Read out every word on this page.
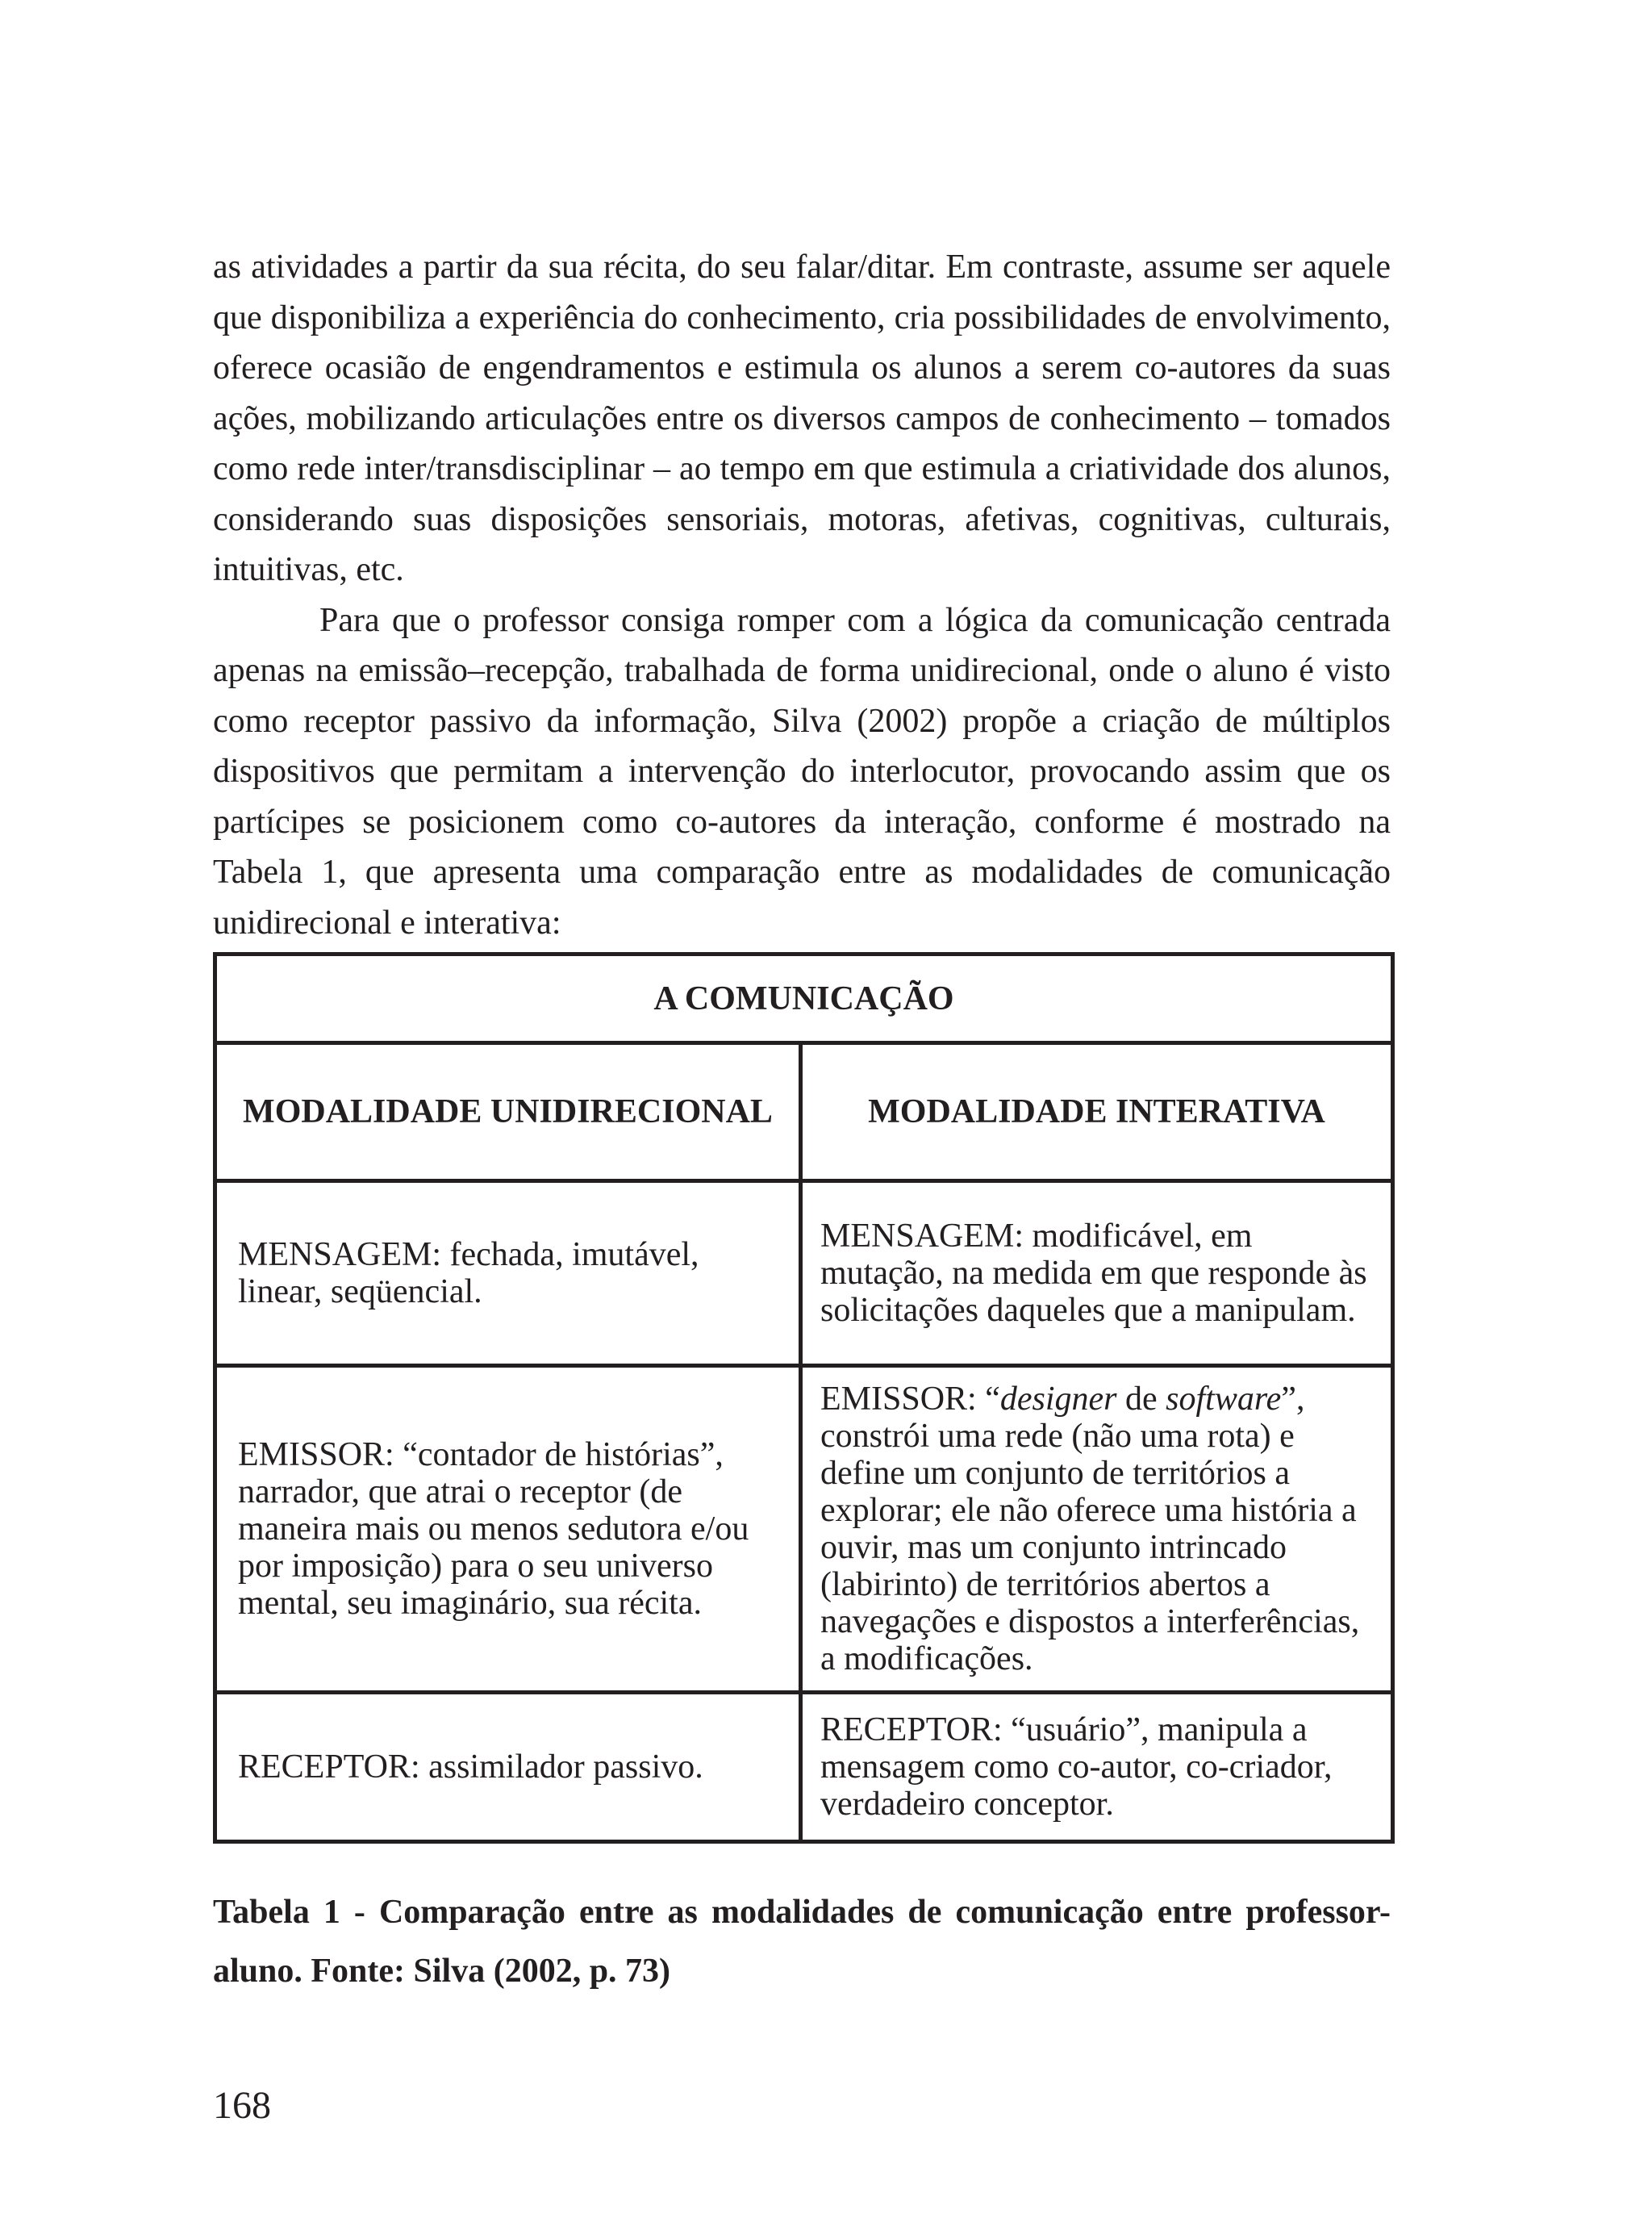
as atividades a partir da sua récita, do seu falar/ditar. Em contraste, assume ser aquele que disponibiliza a experiência do conhecimento, cria possibilidades de envolvimento, oferece ocasião de engendramentos e estimula os alunos a serem co-autores da suas ações, mobilizando articulações entre os diversos campos de conhecimento – tomados como rede inter/transdisciplinar – ao tempo em que estimula a criatividade dos alunos, considerando suas disposições sensoriais, motoras, afetivas, cognitivas, culturais, intuitivas, etc.

Para que o professor consiga romper com a lógica da comunicação centrada apenas na emissão–recepção, trabalhada de forma unidirecional, onde o aluno é visto como receptor passivo da informação, Silva (2002) propõe a criação de múltiplos dispositivos que permitam a intervenção do interlocutor, provocando assim que os partícipes se posicionem como co-autores da interação, conforme é mostrado na Tabela 1, que apresenta uma comparação entre as modalidades de comunicação unidirecional e interativa:

A COMUNICAÇÃO	
MODALIDADE UNIDIRECIONAL	MODALIDADE INTERATIVA
MENSAGEM: fechada, imutável, linear, seqüencial.	MENSAGEM: modificável, em mutação, na medida em que responde às solicitações daqueles que a manipulam.
EMISSOR: “contador de histórias”, narrador, que atrai o receptor (de maneira mais ou menos sedutora e/ou por imposição) para o seu universo mental, seu imaginário, sua récita.	EMISSOR: “designer de software”, constrói uma rede (não uma rota) e define um conjunto de territórios a explorar; ele não oferece uma história a ouvir, mas um conjunto intrincado (labirinto) de territórios abertos a navegações e dispostos a interferências, a modificações.
RECEPTOR: assimilador passivo.	RECEPTOR: “usuário”, manipula a mensagem como co-autor, co-criador, verdadeiro conceptor.

Tabela 1 - Comparação entre as modalidades de comunicação entre professor-aluno. Fonte: Silva (2002, p. 73)

168
